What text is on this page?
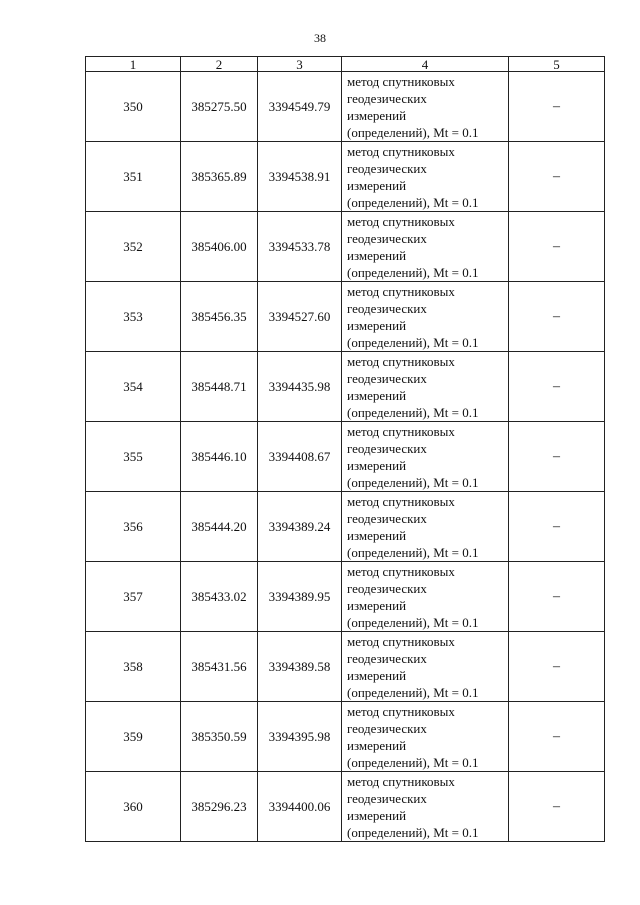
38
1	2	3	4	5
350	385275.50	3394549.79	метод спутниковых
геодезических
измерений
(определений), Mt = 0.1	–
351	385365.89	3394538.91	метод спутниковых
геодезических
измерений
(определений), Mt = 0.1	–
352	385406.00	3394533.78	метод спутниковых
геодезических
измерений
(определений), Mt = 0.1	–
353	385456.35	3394527.60	метод спутниковых
геодезических
измерений
(определений), Mt = 0.1	–
354	385448.71	3394435.98	метод спутниковых
геодезических
измерений
(определений), Mt = 0.1	–
355	385446.10	3394408.67	метод спутниковых
геодезических
измерений
(определений), Mt = 0.1	–
356	385444.20	3394389.24	метод спутниковых
геодезических
измерений
(определений), Mt = 0.1	–
357	385433.02	3394389.95	метод спутниковых
геодезических
измерений
(определений), Mt = 0.1	–
358	385431.56	3394389.58	метод спутниковых
геодезических
измерений
(определений), Mt = 0.1	–
359	385350.59	3394395.98	метод спутниковых
геодезических
измерений
(определений), Mt = 0.1	–
360	385296.23	3394400.06	метод спутниковых
геодезических
измерений
(определений), Mt = 0.1	–
